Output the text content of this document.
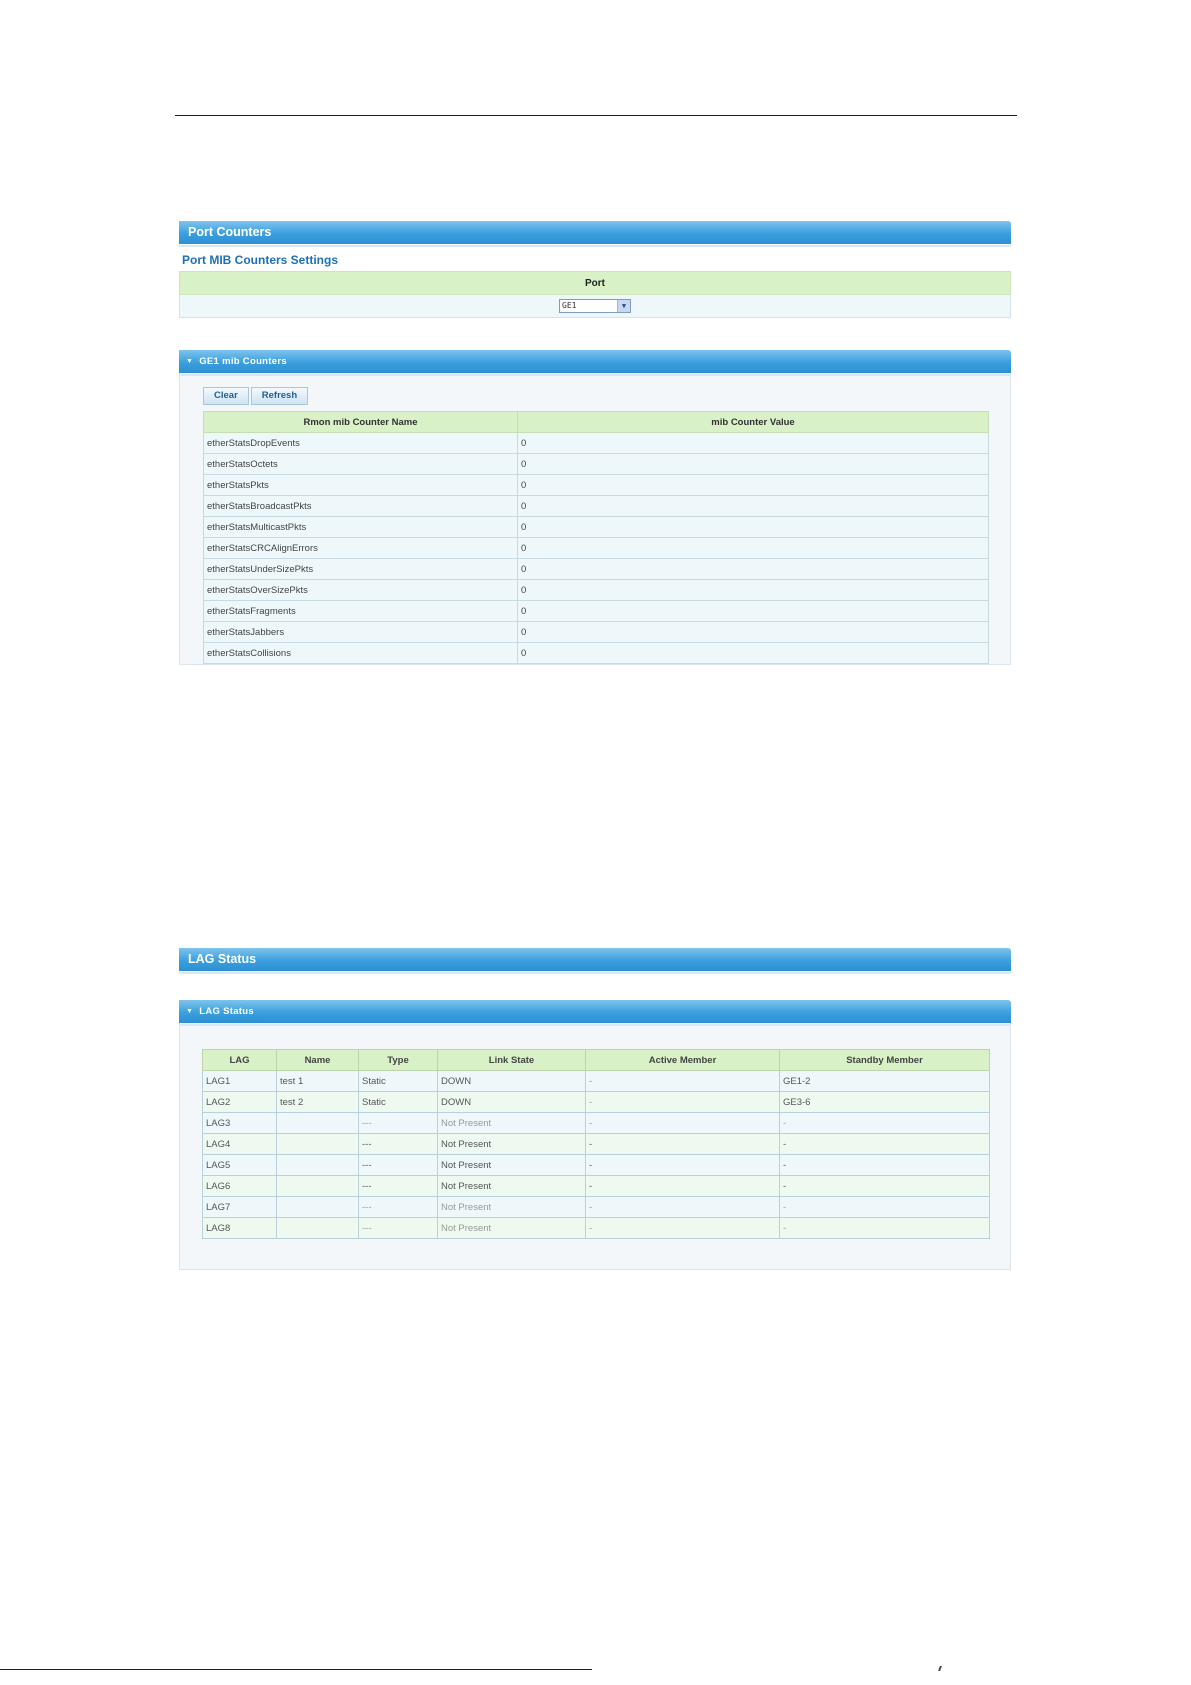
Port Counters
Port MIB Counters Settings
Port
GE1	▼
▼ GE1 mib Counters
Clear	Refresh
Rmon mib Counter Name	mib Counter Value
etherStatsDropEvents	0
etherStatsOctets	0
etherStatsPkts	0
etherStatsBroadcastPkts	0
etherStatsMulticastPkts	0
etherStatsCRCAlignErrors	0
etherStatsUnderSizePkts	0
etherStatsOverSizePkts	0
etherStatsFragments	0
etherStatsJabbers	0
etherStatsCollisions	0
LAG Status
▼ LAG Status
LAG	Name	Type	Link State	Active Member	Standby Member
LAG1	test 1	Static	DOWN	-	GE1-2
LAG2	test 2	Static	DOWN	-	GE3-6
LAG3		---	Not Present	-	-
LAG4		---	Not Present	-	-
LAG5		---	Not Present	-	-
LAG6		---	Not Present	-	-
LAG7		---	Not Present	-	-
LAG8		---	Not Present	-	-
